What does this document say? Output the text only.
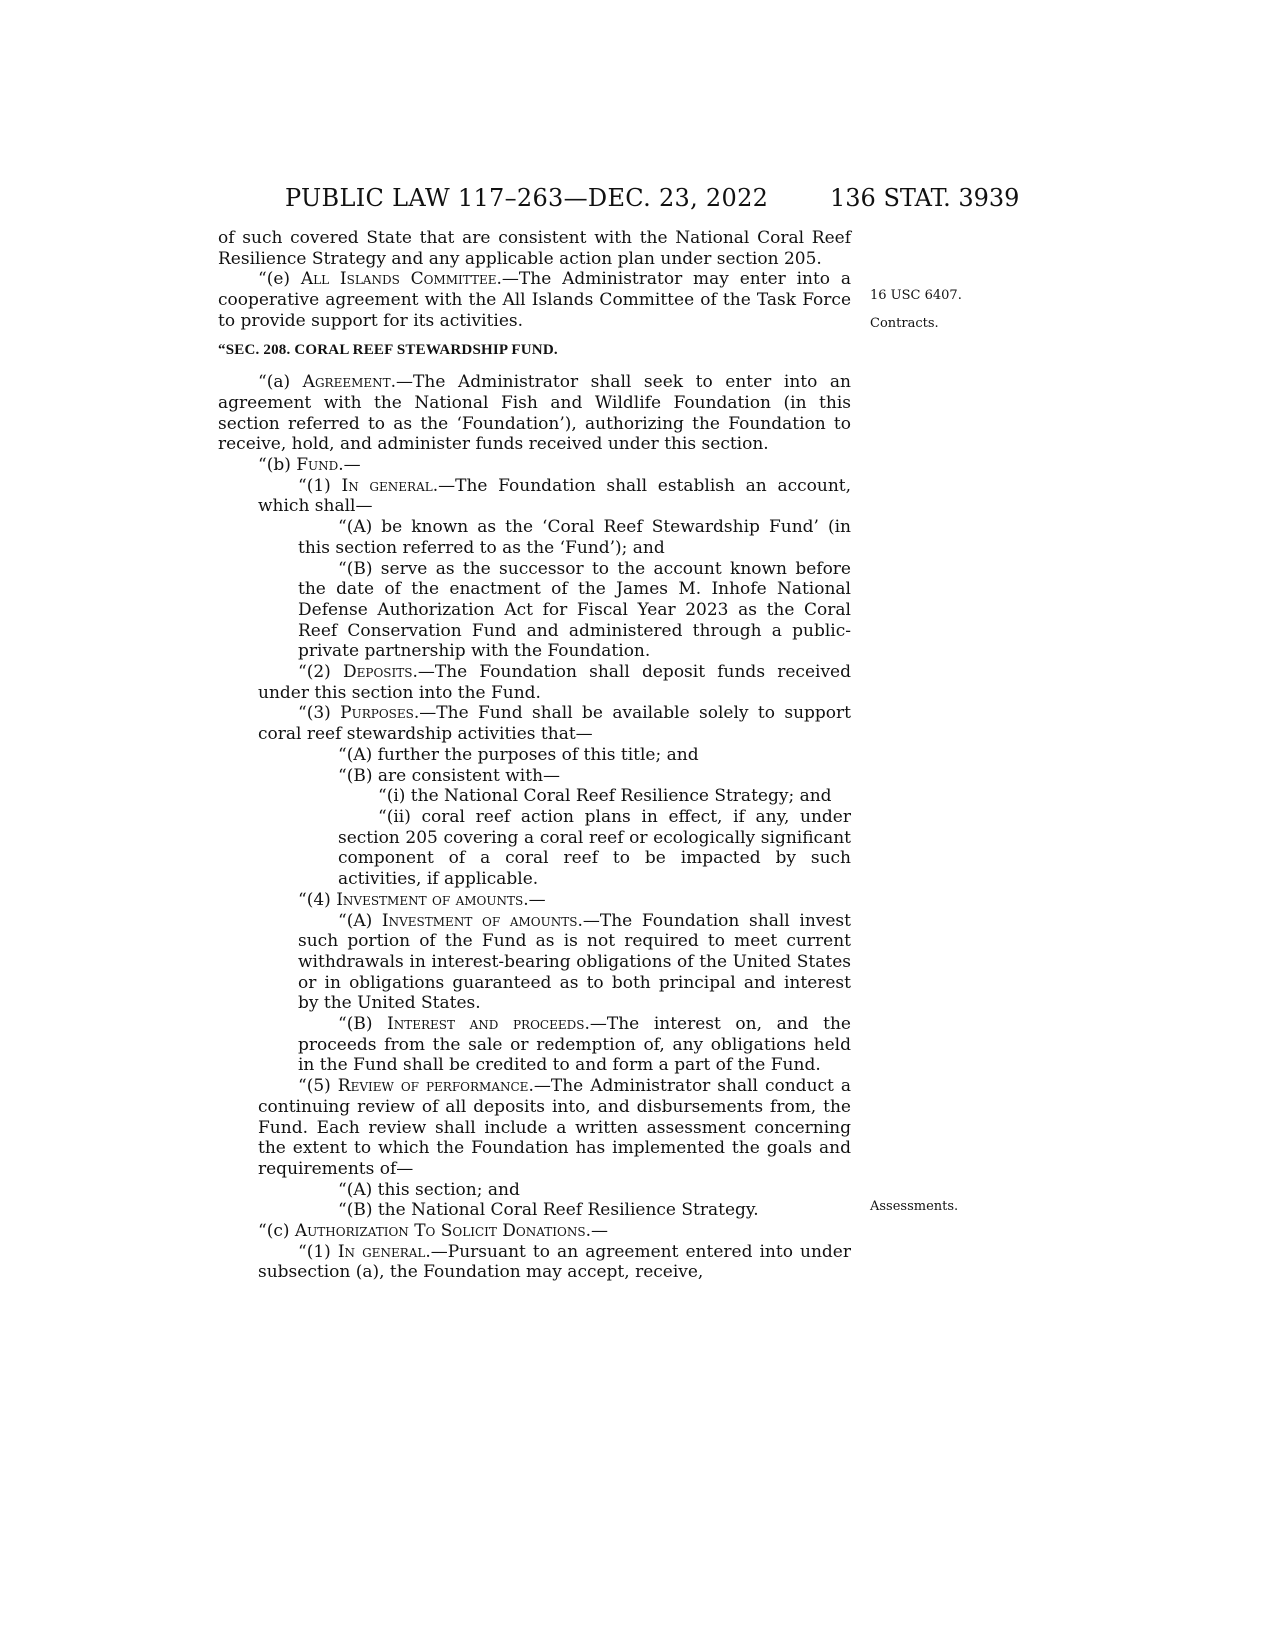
PUBLIC LAW 117–263—DEC. 23, 2022	136 STAT. 3939
16 USC 6407.
Contracts.
Assessments.

of such covered State that are consistent with the National Coral Reef Resilience Strategy and any applicable action plan under section 205.

“(e) All Islands Committee.—The Administrator may enter into a cooperative agreement with the All Islands Committee of the Task Force to provide support for its activities.

“SEC. 208. CORAL REEF STEWARDSHIP FUND.

“(a) Agreement.—The Administrator shall seek to enter into an agreement with the National Fish and Wildlife Foundation (in this section referred to as the ‘Foundation’), authorizing the Foundation to receive, hold, and administer funds received under this section.

“(b) Fund.—

“(1) In general.—The Foundation shall establish an account, which shall—

“(A) be known as the ‘Coral Reef Stewardship Fund’ (in this section referred to as the ‘Fund’); and

“(B) serve as the successor to the account known before the date of the enactment of the James M. Inhofe National Defense Authorization Act for Fiscal Year 2023 as the Coral Reef Conservation Fund and administered through a public-private partnership with the Foundation.

“(2) Deposits.—The Foundation shall deposit funds received under this section into the Fund.

“(3) Purposes.—The Fund shall be available solely to support coral reef stewardship activities that—

“(A) further the purposes of this title; and

“(B) are consistent with—

“(i) the National Coral Reef Resilience Strategy; and

“(ii) coral reef action plans in effect, if any, under section 205 covering a coral reef or ecologically significant component of a coral reef to be impacted by such activities, if applicable.

“(4) Investment of amounts.—

“(A) Investment of amounts.—The Foundation shall invest such portion of the Fund as is not required to meet current withdrawals in interest-bearing obligations of the United States or in obligations guaranteed as to both principal and interest by the United States.

“(B) Interest and proceeds.—The interest on, and the proceeds from the sale or redemption of, any obligations held in the Fund shall be credited to and form a part of the Fund.

“(5) Review of performance.—The Administrator shall conduct a continuing review of all deposits into, and disbursements from, the Fund. Each review shall include a written assessment concerning the extent to which the Foundation has implemented the goals and requirements of—

“(A) this section; and

“(B) the National Coral Reef Resilience Strategy.

“(c) Authorization To Solicit Donations.—

“(1) In general.—Pursuant to an agreement entered into under subsection (a), the Foundation may accept, receive,
